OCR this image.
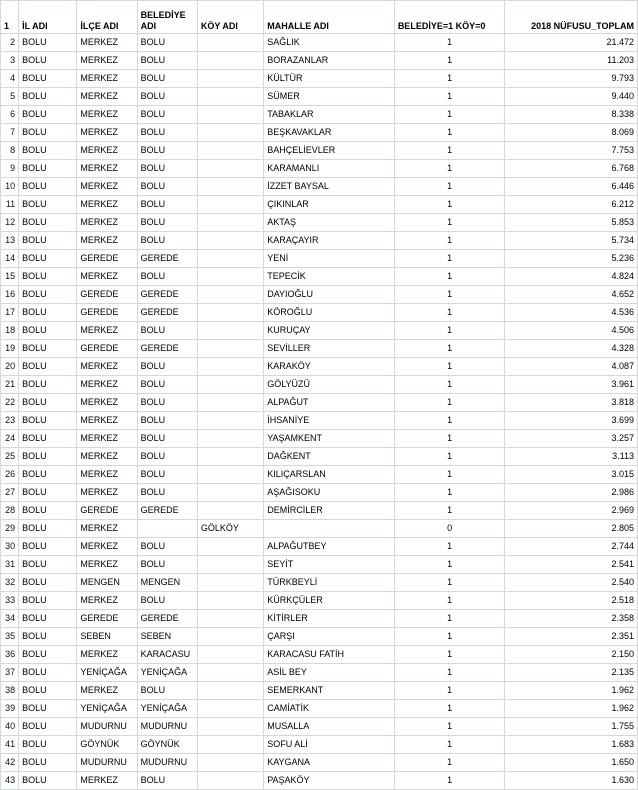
1	İL ADI	İLÇE ADI	BELEDİYE ADI	KÖY ADI	MAHALLE ADI	BELEDİYE=1 KÖY=0	2018 NÜFUSU_TOPLAM
2	BOLU	MERKEZ	BOLU		SAĞLIK	1	21.472
3	BOLU	MERKEZ	BOLU		BORAZANLAR	1	11.203
4	BOLU	MERKEZ	BOLU		KÜLTÜR	1	9.793
5	BOLU	MERKEZ	BOLU		SÜMER	1	9.440
6	BOLU	MERKEZ	BOLU		TABAKLAR	1	8.338
7	BOLU	MERKEZ	BOLU		BEŞKAVAKLAR	1	8.069
8	BOLU	MERKEZ	BOLU		BAHÇELİEVLER	1	7.753
9	BOLU	MERKEZ	BOLU		KARAMANLI	1	6.768
10	BOLU	MERKEZ	BOLU		İZZET BAYSAL	1	6.446
11	BOLU	MERKEZ	BOLU		ÇIKINLAR	1	6.212
12	BOLU	MERKEZ	BOLU		AKTAŞ	1	5.853
13	BOLU	MERKEZ	BOLU		KARAÇAYIR	1	5.734
14	BOLU	GEREDE	GEREDE		YENİ	1	5.236
15	BOLU	MERKEZ	BOLU		TEPECİK	1	4.824
16	BOLU	GEREDE	GEREDE		DAYIOĞLU	1	4.652
17	BOLU	GEREDE	GEREDE		KÖROĞLU	1	4.536
18	BOLU	MERKEZ	BOLU		KURUÇAY	1	4.506
19	BOLU	GEREDE	GEREDE		SEVİLLER	1	4.328
20	BOLU	MERKEZ	BOLU		KARAKÖY	1	4.087
21	BOLU	MERKEZ	BOLU		GÖLYÜZÜ	1	3.961
22	BOLU	MERKEZ	BOLU		ALPAĞUT	1	3.818
23	BOLU	MERKEZ	BOLU		İHSANİYE	1	3.699
24	BOLU	MERKEZ	BOLU		YAŞAMKENT	1	3.257
25	BOLU	MERKEZ	BOLU		DAĞKENT	1	3.113
26	BOLU	MERKEZ	BOLU		KILIÇARSLAN	1	3.015
27	BOLU	MERKEZ	BOLU		AŞAĞISOKU	1	2.986
28	BOLU	GEREDE	GEREDE		DEMİRCİLER	1	2.969
29	BOLU	MERKEZ		GÖLKÖY		0	2.805
30	BOLU	MERKEZ	BOLU		ALPAĞUTBEY	1	2.744
31	BOLU	MERKEZ	BOLU		SEYİT	1	2.541
32	BOLU	MENGEN	MENGEN		TÜRKBEYLİ	1	2.540
33	BOLU	MERKEZ	BOLU		KÜRKÇÜLER	1	2.518
34	BOLU	GEREDE	GEREDE		KİTİRLER	1	2.358
35	BOLU	SEBEN	SEBEN		ÇARŞI	1	2.351
36	BOLU	MERKEZ	KARACASU		KARACASU FATİH	1	2.150
37	BOLU	YENİÇAĞA	YENİÇAĞA		ASİL BEY	1	2.135
38	BOLU	MERKEZ	BOLU		SEMERKANT	1	1.962
39	BOLU	YENİÇAĞA	YENİÇAĞA		CAMİATİK	1	1.962
40	BOLU	MUDURNU	MUDURNU		MUSALLA	1	1.755
41	BOLU	GÖYNÜK	GÖYNÜK		SOFU ALİ	1	1.683
42	BOLU	MUDURNU	MUDURNU		KAYGANA	1	1.650
43	BOLU	MERKEZ	BOLU		PAŞAKÖY	1	1.630
